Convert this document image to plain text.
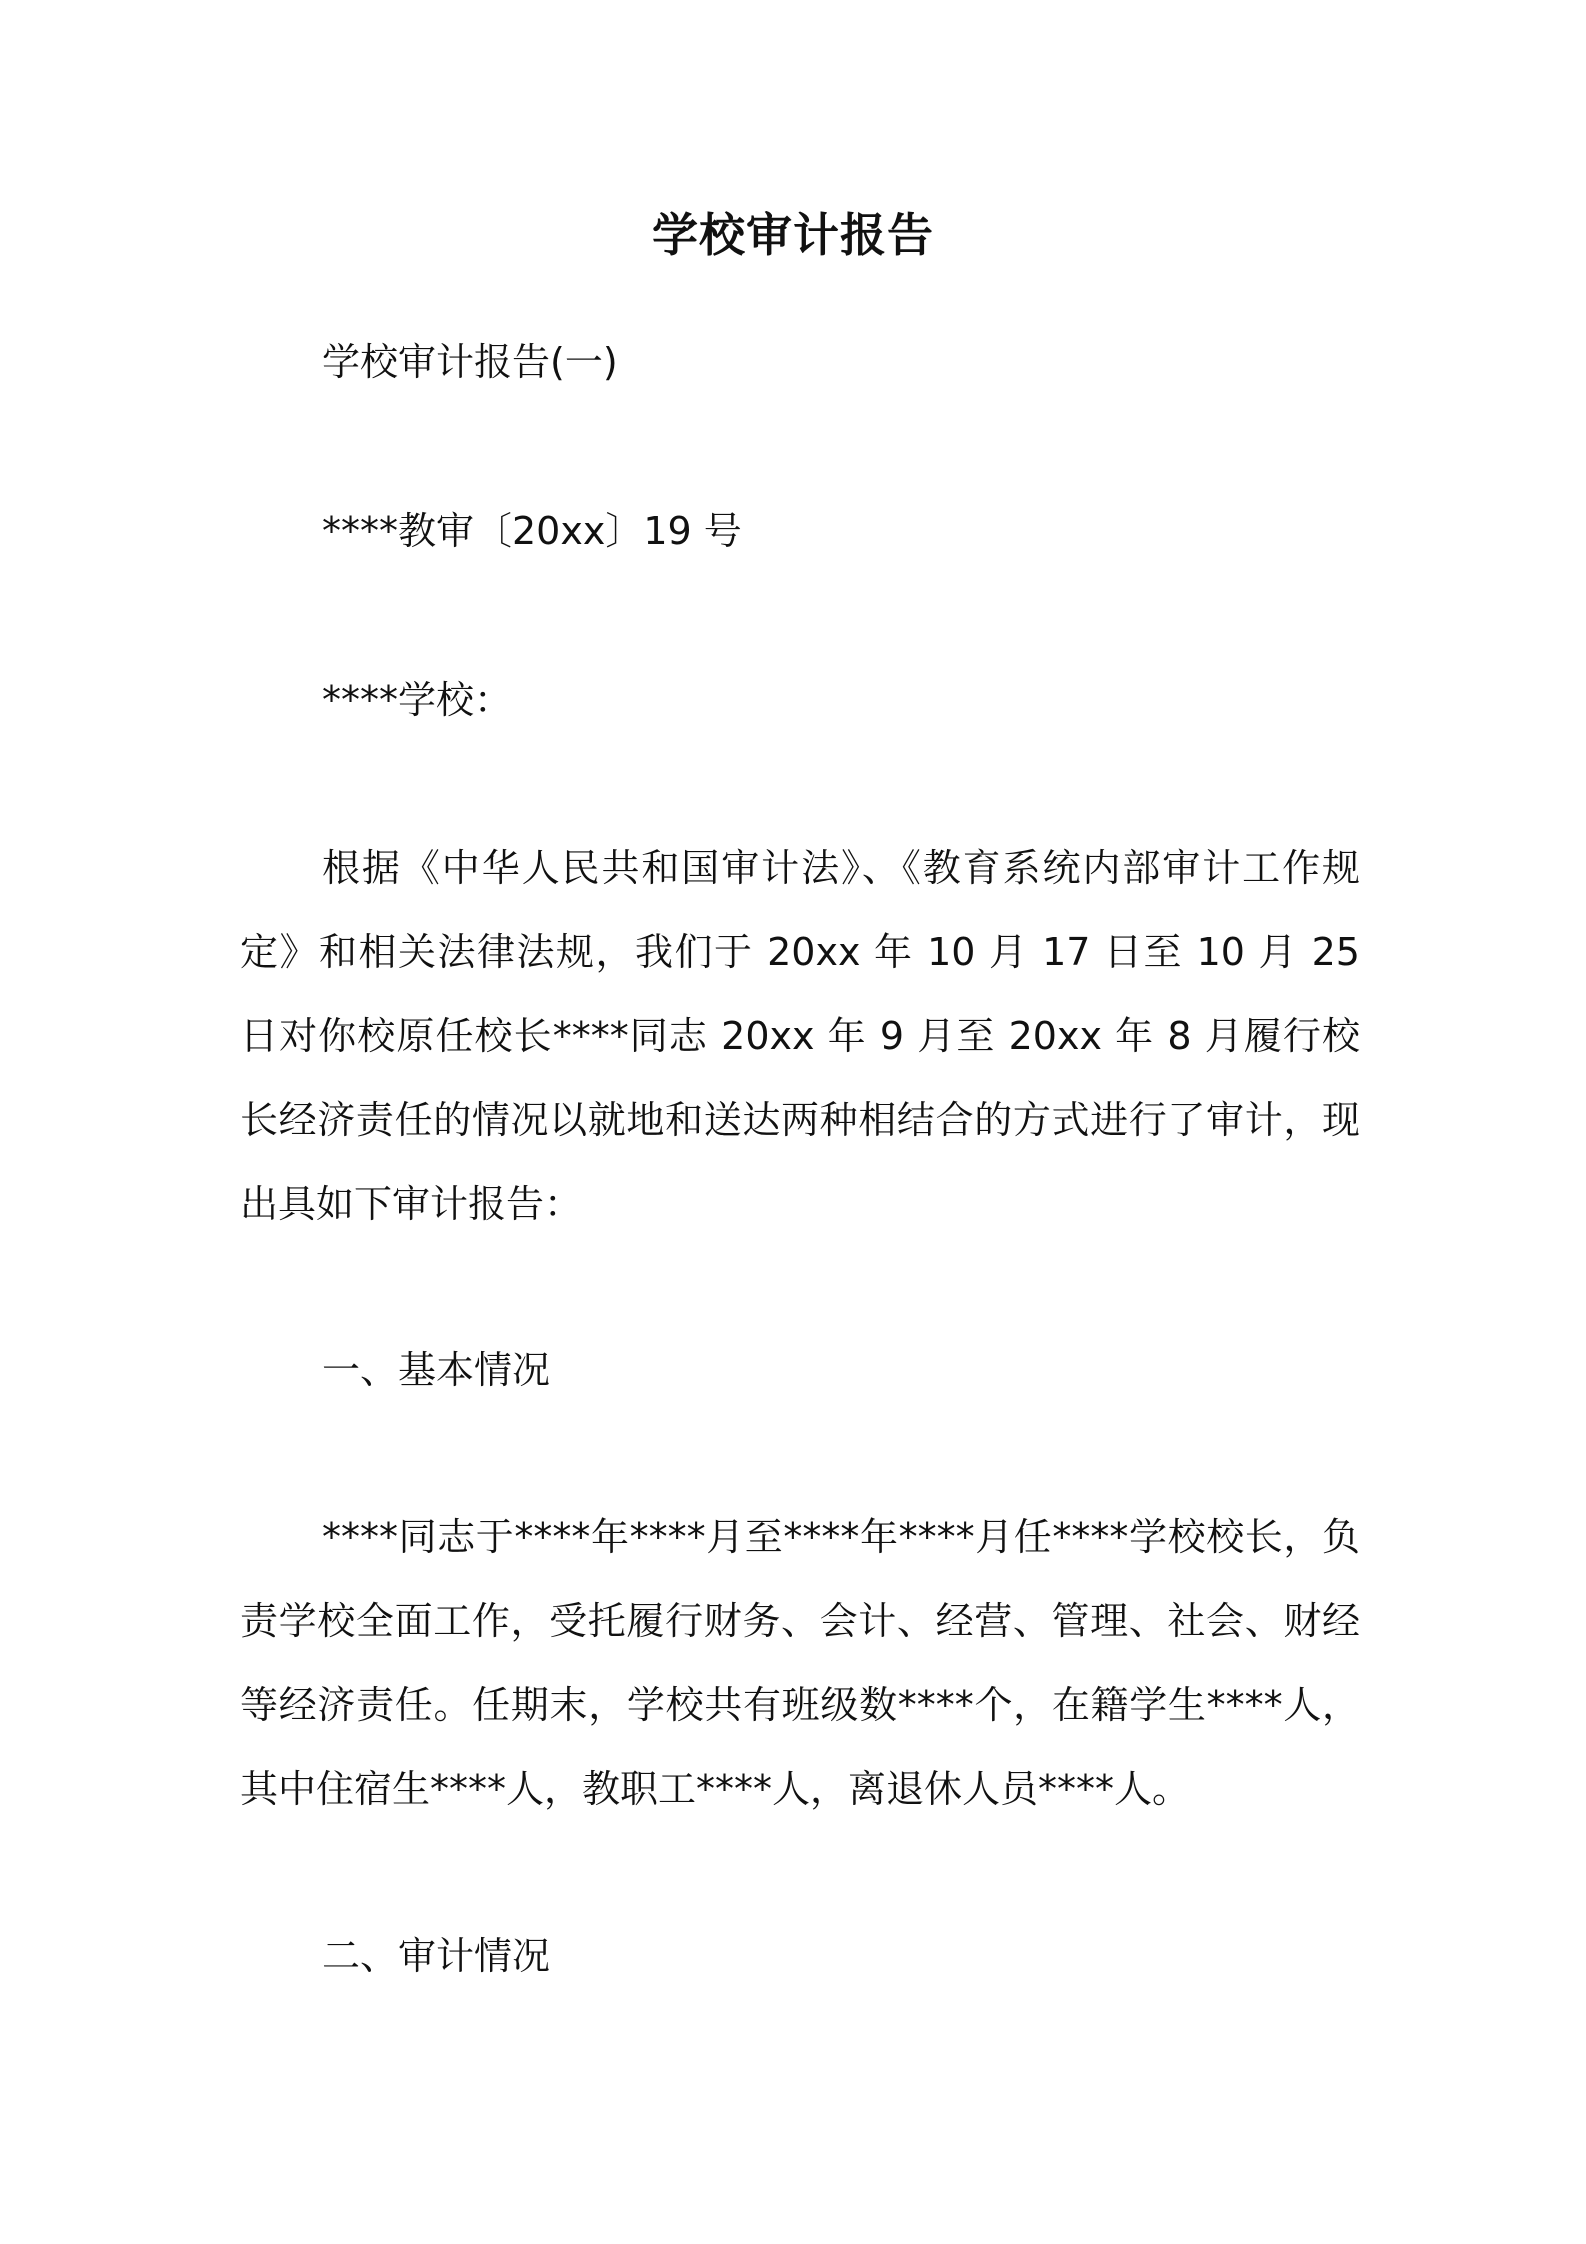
学校审计报告
学校审计报告(一)
****教审〔20xx〕19 号
****学校：
根据《中华人民共和国审计法》、《教育系统内部审计工作规定》和相关法律法规，我们于 20xx 年 10 月 17 日至 10 月 25 日对你校原任校长****同志 20xx 年 9 月至 20xx 年 8 月履行校长经济责任的情况以就地和送达两种相结合的方式进行了审计，现出具如下审计报告：
一、基本情况
****同志于****年****月至****年****月任****学校校长，负责学校全面工作，受托履行财务、会计、经营、管理、社会、财经等经济责任。任期末，学校共有班级数****个，在籍学生****人，其中住宿生****人，教职工****人，离退休人员****人。
二、审计情况
